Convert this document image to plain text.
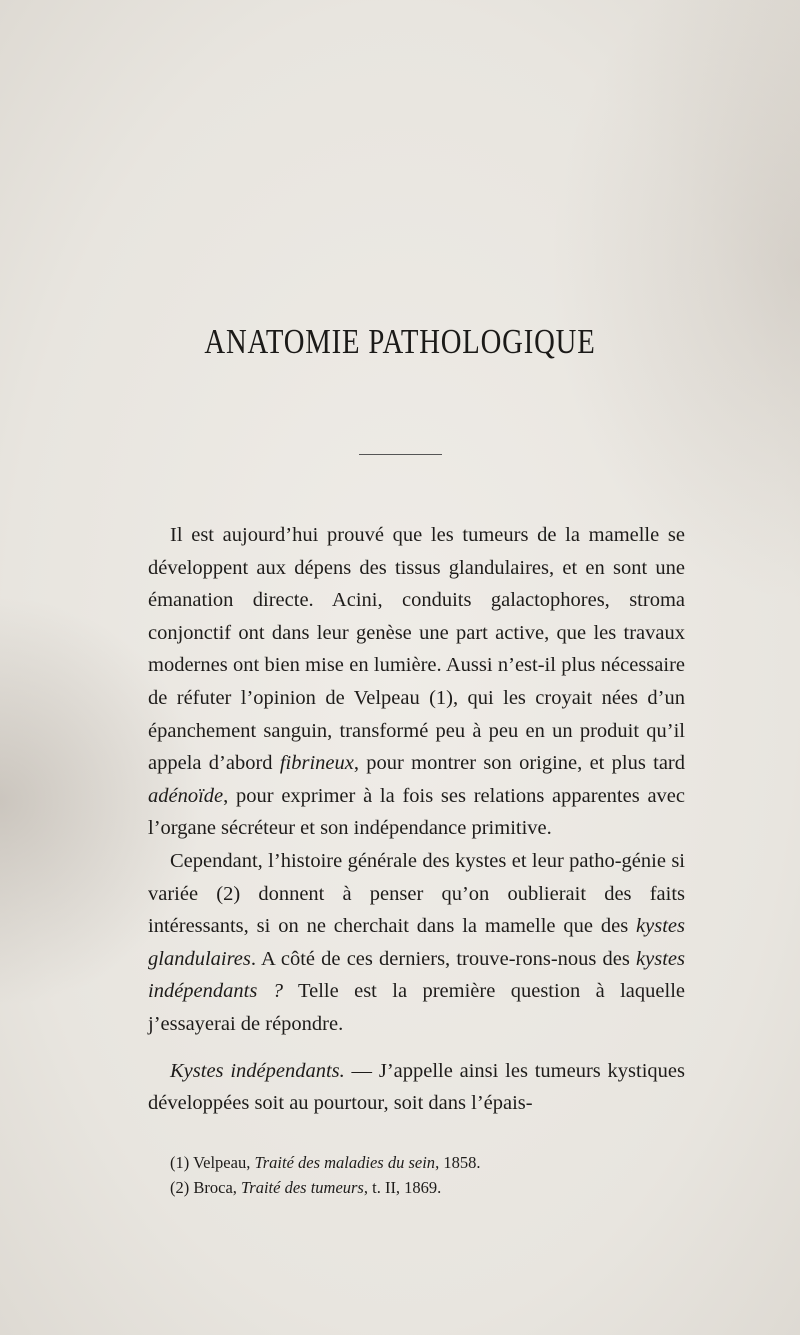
ANATOMIE PATHOLOGIQUE

Il est aujourd’hui prouvé que les tumeurs de la mamelle se développent aux dépens des tissus glandulaires, et en sont une émanation directe. Acini, conduits galactophores, stroma conjonctif ont dans leur genèse une part active, que les travaux modernes ont bien mise en lumière. Aussi n’est-il plus nécessaire de réfuter l’opinion de Velpeau (1), qui les croyait nées d’un épanchement sanguin, transformé peu à peu en un produit qu’il appela d’abord fibrineux, pour montrer son origine, et plus tard adénoïde, pour exprimer à la fois ses relations apparentes avec l’organe sécréteur et son indépendance primitive.

Cependant, l’histoire générale des kystes et leur patho-génie si variée (2) donnent à penser qu’on oublierait des faits intéressants, si on ne cherchait dans la mamelle que des kystes glandulaires. A côté de ces derniers, trouve-rons-nous des kystes indépendants ? Telle est la première question à laquelle j’essayerai de répondre.

Kystes indépendants. — J’appelle ainsi les tumeurs kystiques développées soit au pourtour, soit dans l’épais-

(1) Velpeau, Traité des maladies du sein, 1858.

(2) Broca, Traité des tumeurs, t. II, 1869.
